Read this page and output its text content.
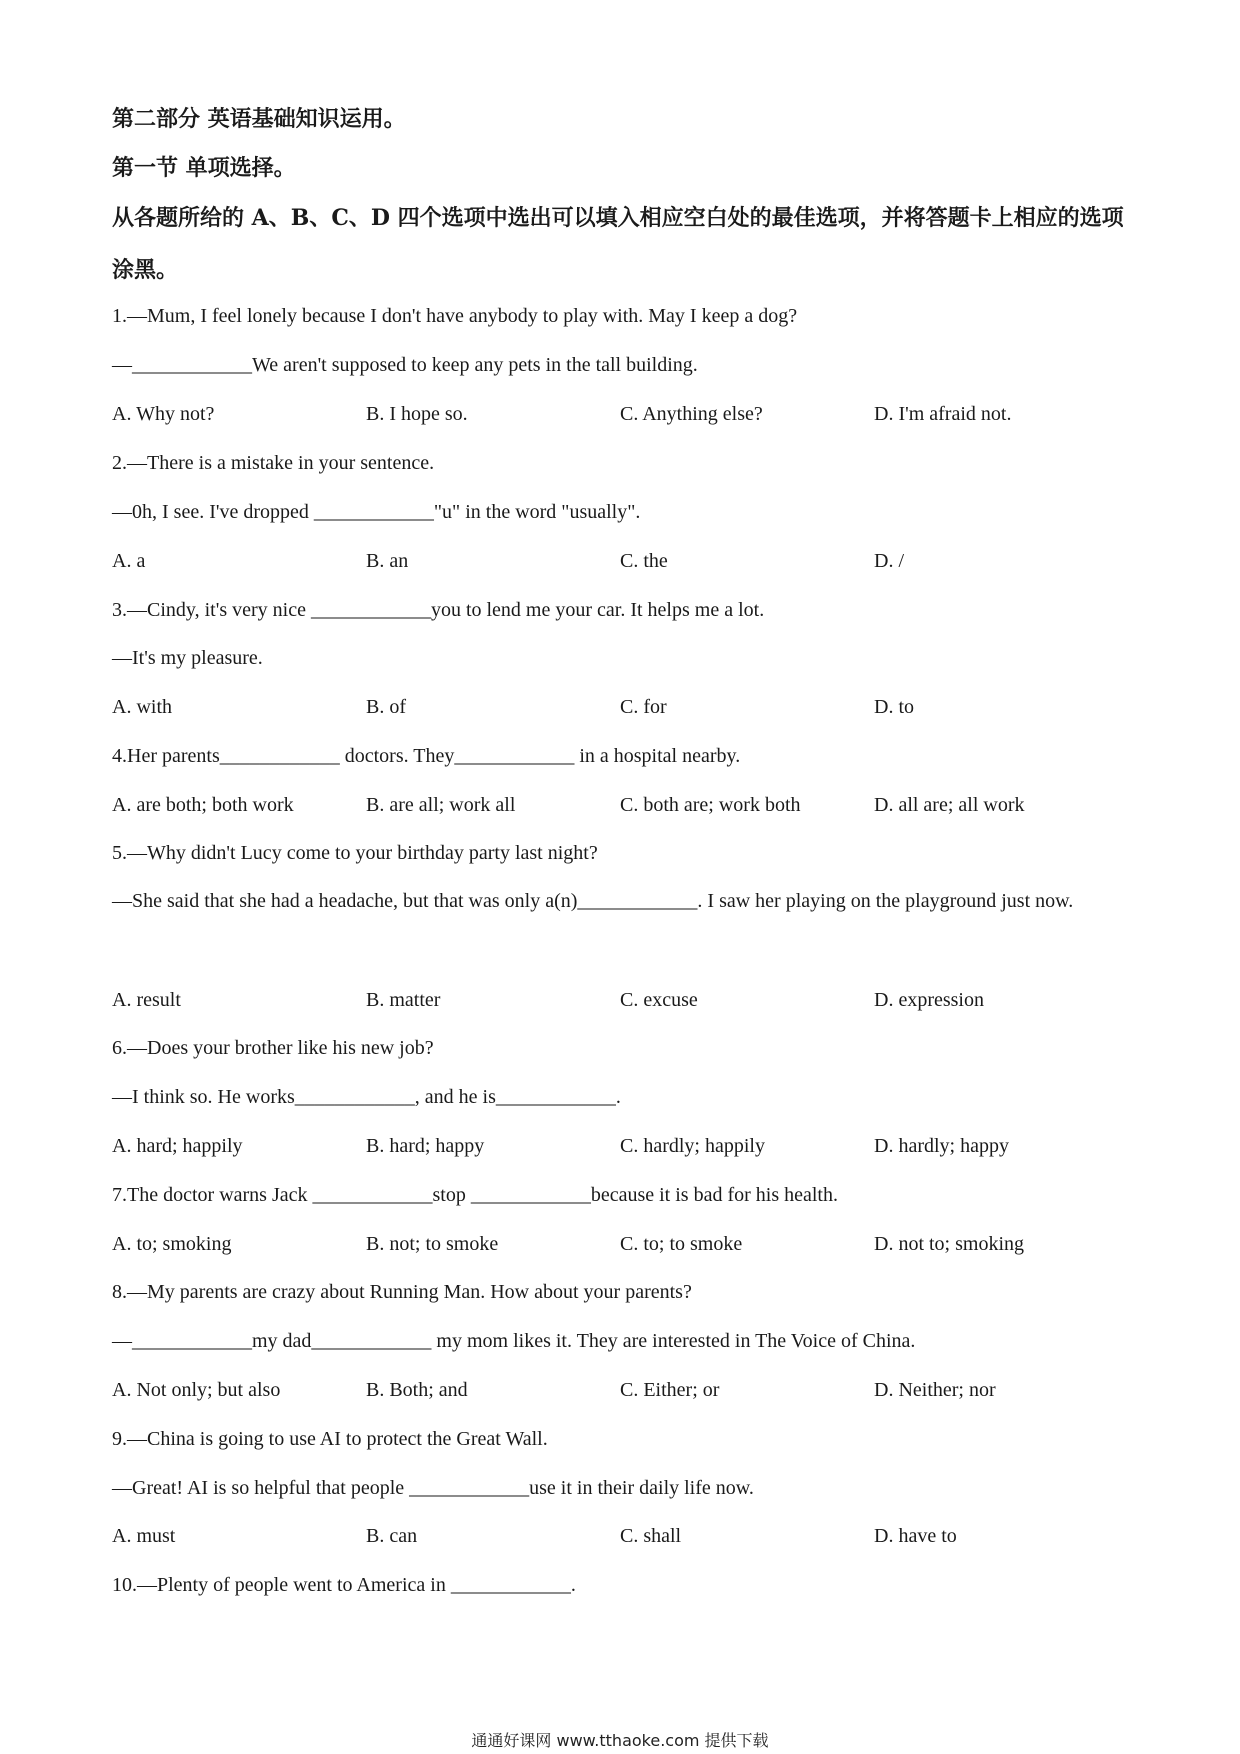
第二部分 英语基础知识运用。
第一节 单项选择。
从各题所给的 A、B、C、D 四个选项中选出可以填入相应空白处的最佳选项，并将答题卡上相应的选项涂黑。
1.—Mum, I feel lonely because I don't have anybody to play with. May I keep a dog?
—____________We aren't supposed to keep any pets in the tall building.
A. Why not?	B. I hope so.	C. Anything else?	D. I'm afraid not.
2.—There is a mistake in your sentence.
—0h, I see. I've dropped ____________"u" in the word "usually".
A. a	B. an	C. the	D. /
3.—Cindy, it's very nice ____________you to lend me your car. It helps me a lot.
—It's my pleasure.
A. with	B. of	C. for	D. to
4.Her parents____________ doctors. They____________ in a hospital nearby.
A. are both; both work	B. are all; work all	C. both are; work both	D. all are; all work
5.—Why didn't Lucy come to your birthday party last night?
—She said that she had a headache, but that was only a(n)____________. I saw her playing on the playground just now.
A. result	B. matter	C. excuse	D. expression
6.—Does your brother like his new job?
—I think so. He works____________, and he is____________.
A. hard; happily	B. hard; happy	C. hardly; happily	D. hardly; happy
7.The doctor warns Jack ____________stop ____________because it is bad for his health.
A. to; smoking	B. not; to smoke	C. to; to smoke	D. not to; smoking
8.—My parents are crazy about Running Man. How about your parents?
—____________my dad____________ my mom likes it. They are interested in The Voice of China.
A. Not only; but also	B. Both; and	C. Either; or	D. Neither; nor
9.—China is going to use AI to protect the Great Wall.
—Great! AI is so helpful that people ____________use it in their daily life now.
A. must	B. can	C. shall	D. have to
10.—Plenty of people went to America in ____________.
通通好课网 www.tthaoke.com 提供下载
